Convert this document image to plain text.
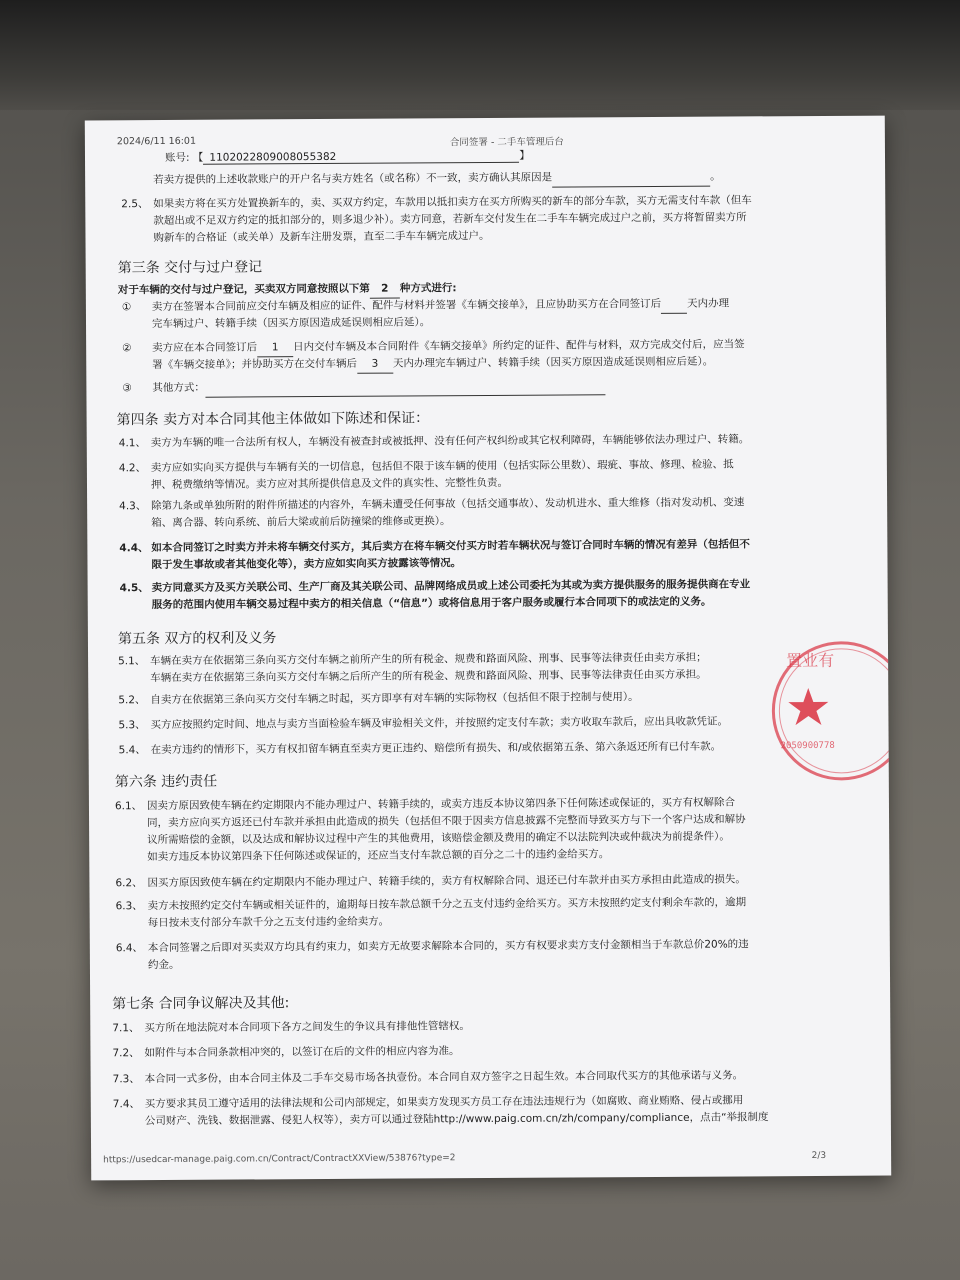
2024/6/11 16:01	合同签署 - 二手车管理后台
账号: 【 1102022809008055382	】
若卖方提供的上述收款账户的开户名与卖方姓名（或名称）不一致，卖方确认其原因是	。
2.5、 如果卖方将在买方处置换新车的，卖、买双方约定，车款用以抵扣卖方在买方所购买的新车的部分车款，买方无需支付车款（但车
款超出或不足双方约定的抵扣部分的，则多退少补）。卖方同意，若新车交付发生在二手车车辆完成过户之前，买方将暂留卖方所
购新车的合格证（或关单）及新车注册发票，直至二手车车辆完成过户。
第三条 交付与过户登记
对于车辆的交付与过户登记，买卖双方同意按照以下第 2 种方式进行:
① 卖方在签署本合同前应交付车辆及相应的证件、配件与材料并签署《车辆交接单》，且应协助买方在合同签订后 天内办理
完车辆过户、转籍手续（因买方原因造成延误则相应后延）。
② 卖方应在本合同签订后 1 日内交付车辆及本合同附件《车辆交接单》所约定的证件、配件与材料，双方完成交付后，应当签
署《车辆交接单》；并协助买方在交付车辆后 3 天内办理完车辆过户、转籍手续（因买方原因造成延误则相应后延）。
③ 其他方式：
第四条 卖方对本合同其他主体做如下陈述和保证：
第五条 双方的权利及义务
第六条 违约责任
第七条 合同争议解决及其他:
https://usedcar-manage.paig.com.cn/Contract/ContractXXView/53876?type=2	2/3
置业有
2050900778
4.1、 卖方为车辆的唯一合法所有权人，车辆没有被查封或被抵押、没有任何产权纠纷或其它权利障碍，车辆能够依法办理过户、转籍。
4.2、 卖方应如实向买方提供与车辆有关的一切信息，包括但不限于该车辆的使用（包括实际公里数）、瑕疵、事故、修理、检验、抵
押、税费缴纳等情况。卖方应对其所提供信息及文件的真实性、完整性负责。
4.3、 除第九条或单独所附的附件所描述的内容外，车辆未遭受任何事故（包括交通事故）、发动机进水、重大维修（指对发动机、变速
箱、离合器、转向系统、前后大梁或前后防撞梁的维修或更换）。
4.4、 如本合同签订之时卖方并未将车辆交付买方，其后卖方在将车辆交付买方时若车辆状况与签订合同时车辆的情况有差异（包括但不
限于发生事故或者其他变化等），卖方应如实向买方披露该等情况。
4.5、 卖方同意买方及买方关联公司、生产厂商及其关联公司、品牌网络成员或上述公司委托为其或为卖方提供服务的服务提供商在专业
服务的范围内使用车辆交易过程中卖方的相关信息（“信息”）或将信息用于客户服务或履行本合同项下的或法定的义务。
5.1、 车辆在卖方在依据第三条向买方交付车辆之前所产生的所有税金、规费和路面风险、刑事、民事等法律责任由卖方承担；
车辆在卖方在依据第三条向买方交付车辆之后所产生的所有税金、规费和路面风险、刑事、民事等法律责任由买方承担。
5.2、 自卖方在依据第三条向买方交付车辆之时起，买方即享有对车辆的实际物权（包括但不限于控制与使用）。
5.3、 买方应按照约定时间、地点与卖方当面检验车辆及审验相关文件，并按照约定支付车款；卖方收取车款后，应出具收款凭证。
5.4、 在卖方违约的情形下，买方有权扣留车辆直至卖方更正违约、赔偿所有损失、和/或依据第五条、第六条返还所有已付车款。
6.1、 因卖方原因致使车辆在约定期限内不能办理过户、转籍手续的，或卖方违反本协议第四条下任何陈述或保证的，买方有权解除合
同，卖方应向买方返还已付车款并承担由此造成的损失（包括但不限于因卖方信息披露不完整而导致买方与下一个客户达成和解协
议所需赔偿的金额，以及达成和解协议过程中产生的其他费用，该赔偿金额及费用的确定不以法院判决或仲裁决为前提条件）。
如卖方违反本协议第四条下任何陈述或保证的，还应当支付车款总额的百分之二十的违约金给买方。
6.2、 因买方原因致使车辆在约定期限内不能办理过户、转籍手续的，卖方有权解除合同、退还已付车款并由买方承担由此造成的损失。
6.3、 卖方未按照约定交付车辆或相关证件的，逾期每日按车款总额千分之五支付违约金给买方。买方未按照约定支付剩余车款的，逾期
每日按未支付部分车款千分之五支付违约金给卖方。
6.4、 本合同签署之后即对买卖双方均具有约束力，如卖方无故要求解除本合同的，买方有权要求卖方支付金额相当于车款总价20%的违
约金。
7.1、 买方所在地法院对本合同项下各方之间发生的争议具有排他性管辖权。
7.2、 如附件与本合同条款相冲突的，以签订在后的文件的相应内容为准。
7.3、 本合同一式多份，由本合同主体及二手车交易市场各执壹份。本合同自双方签字之日起生效。本合同取代买方的其他承诺与义务。
7.4、 买方要求其员工遵守适用的法律法规和公司内部规定，如果卖方发现买方员工存在违法违规行为（如腐败、商业贿赂、侵占或挪用
公司财产、洗钱、数据泄露、侵犯人权等），卖方可以通过登陆http://www.paig.com.cn/zh/company/compliance，点击“举报制度
